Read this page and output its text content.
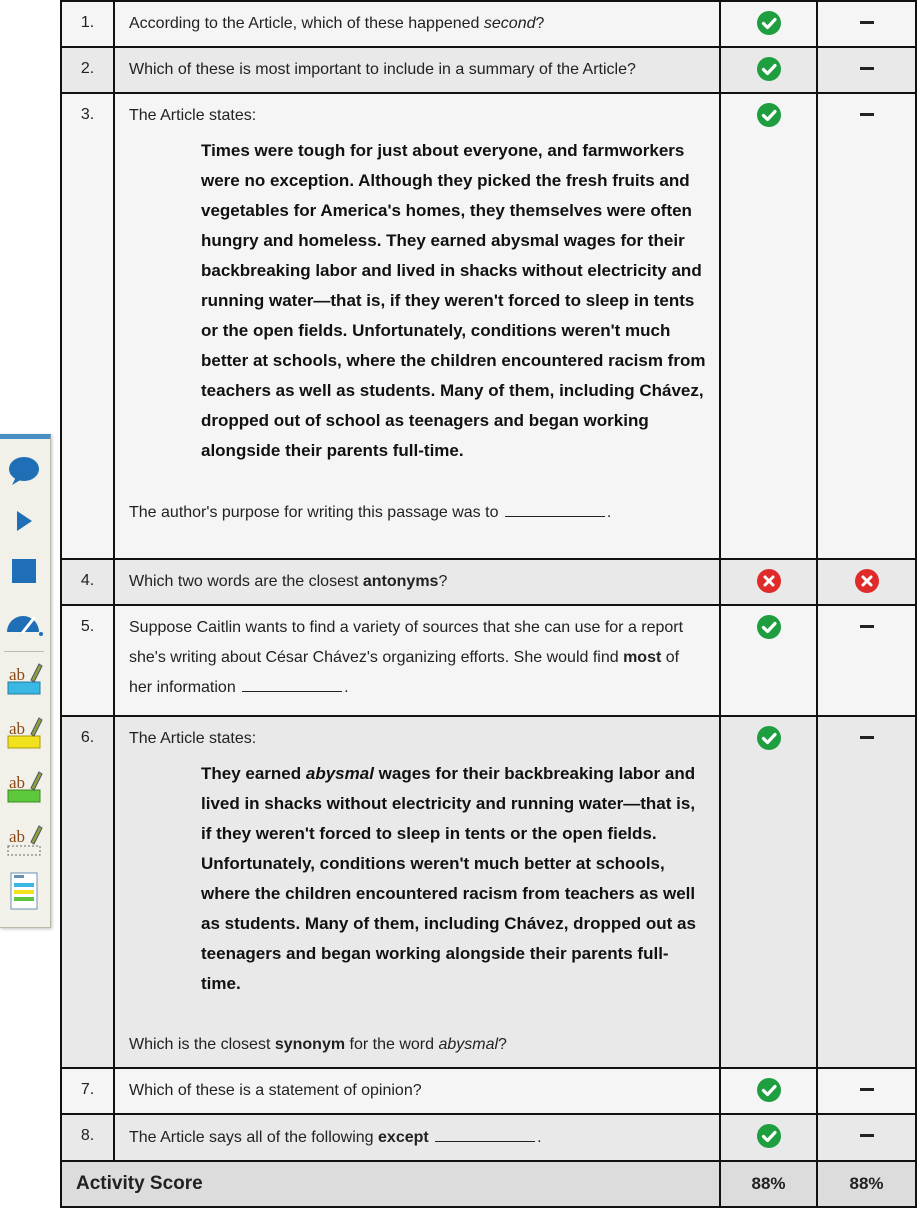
1.	According to the Article, which of these happened second?	

2.	Which of these is most important to include in a summary of the Article?	

3.	The Article states:
Times were tough for just about everyone, and farmworkers were no exception. Although they picked the fresh fruits and vegetables for America's homes, they themselves were often hungry and homeless. They earned abysmal wages for their backbreaking labor and lived in shacks without electricity and running water—that is, if they weren't forced to sleep in tents or the open fields. Unfortunately, conditions weren't much better at schools, where the children encountered racism from teachers as well as students. Many of them, including Chávez, dropped out of school as teenagers and began working alongside their parents full-time.
The author's purpose for writing this passage was to .

4.	Which two words are the closest antonyms?	

5.	Suppose Caitlin wants to find a variety of sources that she can use for a report she's writing about César Chávez's organizing efforts. She would find most of her information .	

6.	The Article states:
They earned abysmal wages for their backbreaking labor and lived in shacks without electricity and running water—that is, if they weren't forced to sleep in tents or the open fields. Unfortunately, conditions weren't much better at schools, where the children encountered racism from teachers as well as students. Many of them, including Chávez, dropped out as teenagers and began working alongside their parents full-time.
Which is the closest synonym for the word abysmal?

7.	Which of these is a statement of opinion?	

8.	The Article says all of the following except .	

Activity Score		88%	88%
ab
ab
ab
ab
